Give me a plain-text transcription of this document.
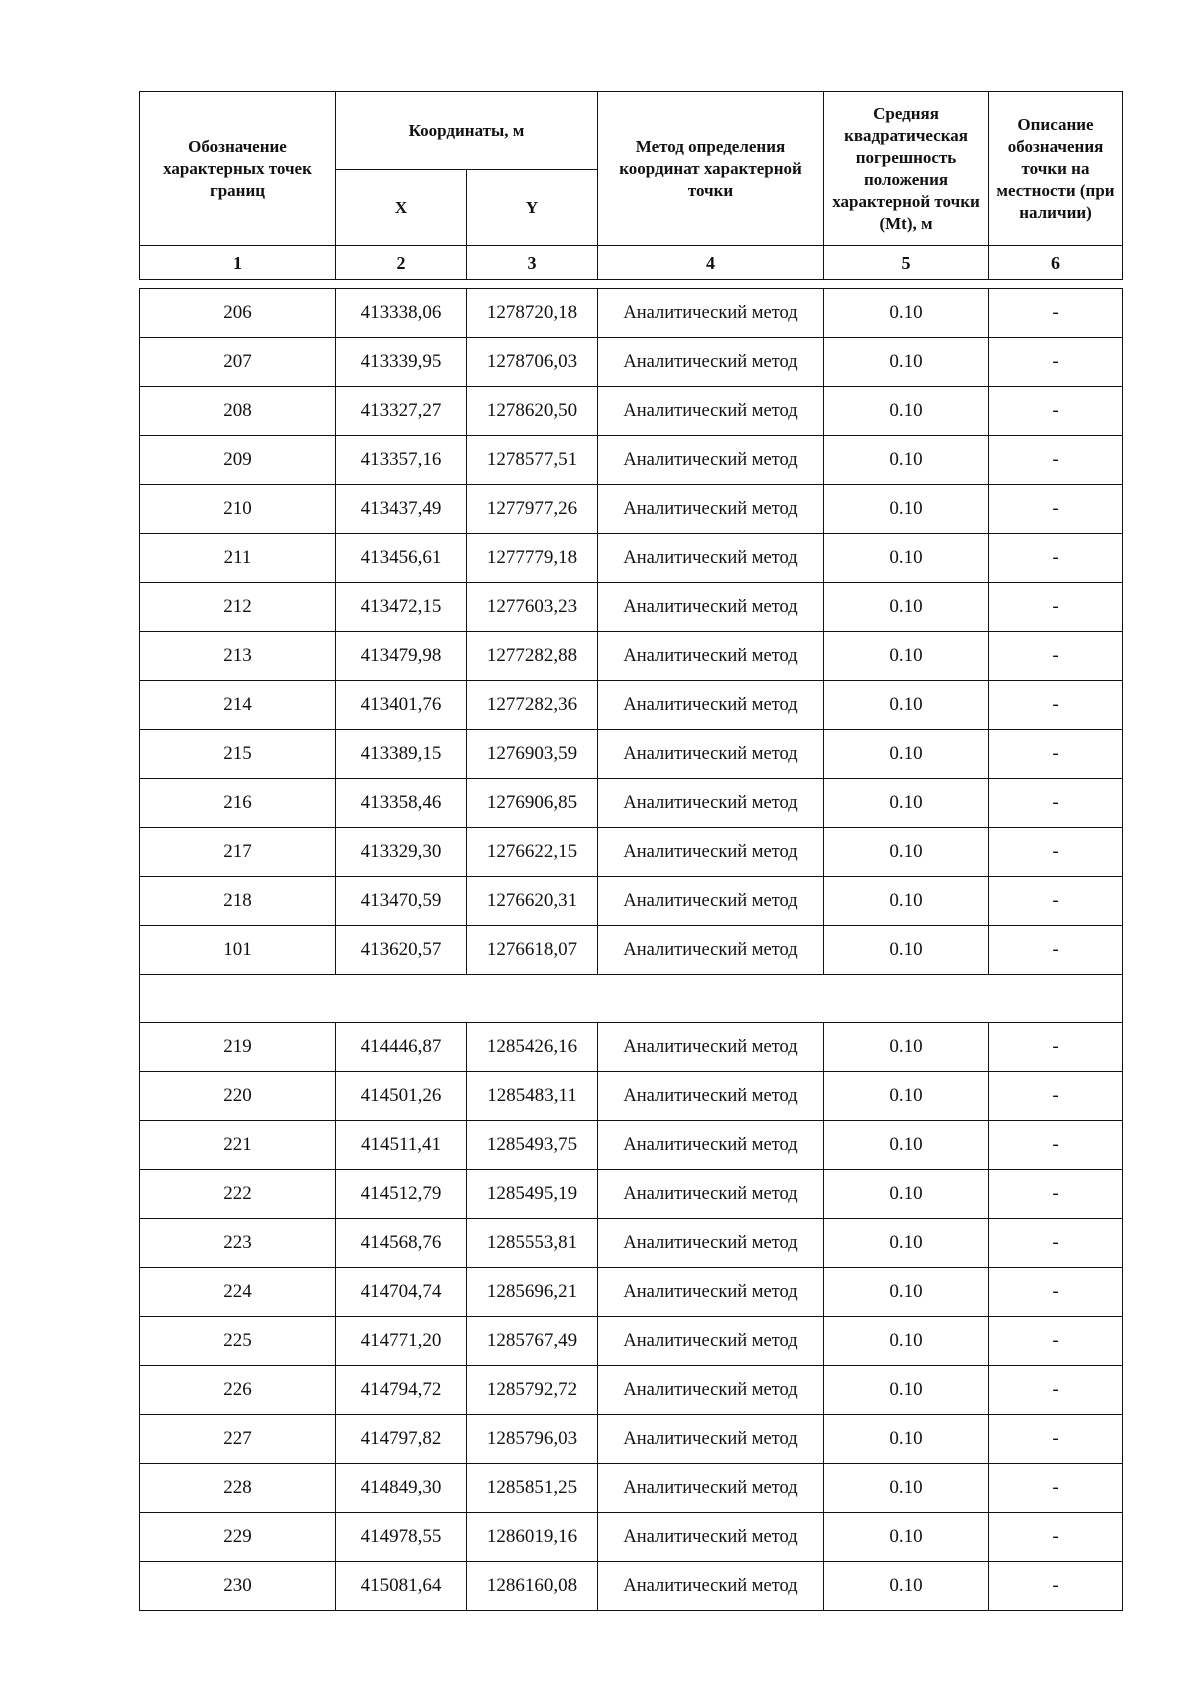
Обозначение характерных точек границ	Координаты, м		Метод определения координат характерной точки	Средняя квадратическая погрешность положения характерной точки (Mt), м	Описание обозначения точки на местности (при наличии)
	X	Y			
1	2	3	4	5	6

206	413338,06	1278720,18	Аналитический метод	0.10	-
207	413339,95	1278706,03	Аналитический метод	0.10	-
208	413327,27	1278620,50	Аналитический метод	0.10	-
209	413357,16	1278577,51	Аналитический метод	0.10	-
210	413437,49	1277977,26	Аналитический метод	0.10	-
211	413456,61	1277779,18	Аналитический метод	0.10	-
212	413472,15	1277603,23	Аналитический метод	0.10	-
213	413479,98	1277282,88	Аналитический метод	0.10	-
214	413401,76	1277282,36	Аналитический метод	0.10	-
215	413389,15	1276903,59	Аналитический метод	0.10	-
216	413358,46	1276906,85	Аналитический метод	0.10	-
217	413329,30	1276622,15	Аналитический метод	0.10	-
218	413470,59	1276620,31	Аналитический метод	0.10	-
101	413620,57	1276618,07	Аналитический метод	0.10	-

219	414446,87	1285426,16	Аналитический метод	0.10	-
220	414501,26	1285483,11	Аналитический метод	0.10	-
221	414511,41	1285493,75	Аналитический метод	0.10	-
222	414512,79	1285495,19	Аналитический метод	0.10	-
223	414568,76	1285553,81	Аналитический метод	0.10	-
224	414704,74	1285696,21	Аналитический метод	0.10	-
225	414771,20	1285767,49	Аналитический метод	0.10	-
226	414794,72	1285792,72	Аналитический метод	0.10	-
227	414797,82	1285796,03	Аналитический метод	0.10	-
228	414849,30	1285851,25	Аналитический метод	0.10	-
229	414978,55	1286019,16	Аналитический метод	0.10	-
230	415081,64	1286160,08	Аналитический метод	0.10	-
